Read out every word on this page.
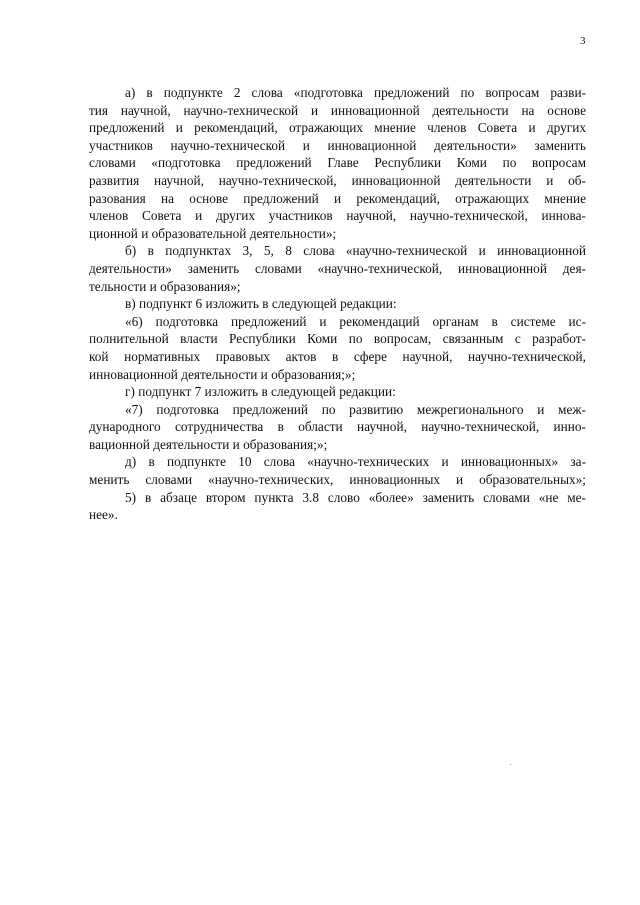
3
а) в подпункте 2 слова «подготовка предложений по вопросам разви-
тия научной, научно-технической и инновационной деятельности на основе
предложений и рекомендаций, отражающих мнение членов Совета и других
участников научно-технической и инновационной деятельности» заменить
словами «подготовка предложений Главе Республики Коми по вопросам
развития научной, научно-технической, инновационной деятельности и об-
разования на основе предложений и рекомендаций, отражающих мнение
членов Совета и других участников научной, научно-технической, иннова-
ционной и образовательной деятельности»;
б) в подпунктах 3, 5, 8 слова «научно-технической и инновационной
деятельности» заменить словами «научно-технической, инновационной дея-
тельности и образования»;
в) подпункт 6 изложить в следующей редакции:
«6) подготовка предложений и рекомендаций органам в системе ис-
полнительной власти Республики Коми по вопросам, связанным с разработ-
кой нормативных правовых актов в сфере научной, научно-технической,
инновационной деятельности и образования;»;
г) подпункт 7 изложить в следующей редакции:
«7) подготовка предложений по развитию межрегионального и меж-
дународного сотрудничества в области научной, научно-технической, инно-
вационной деятельности и образования;»;
д) в подпункте 10 слова «научно-технических и инновационных» за-
менить словами «научно-технических, инновационных и образовательных»;
5) в абзаце втором пункта 3.8 слово «более» заменить словами «не ме-
нее».
